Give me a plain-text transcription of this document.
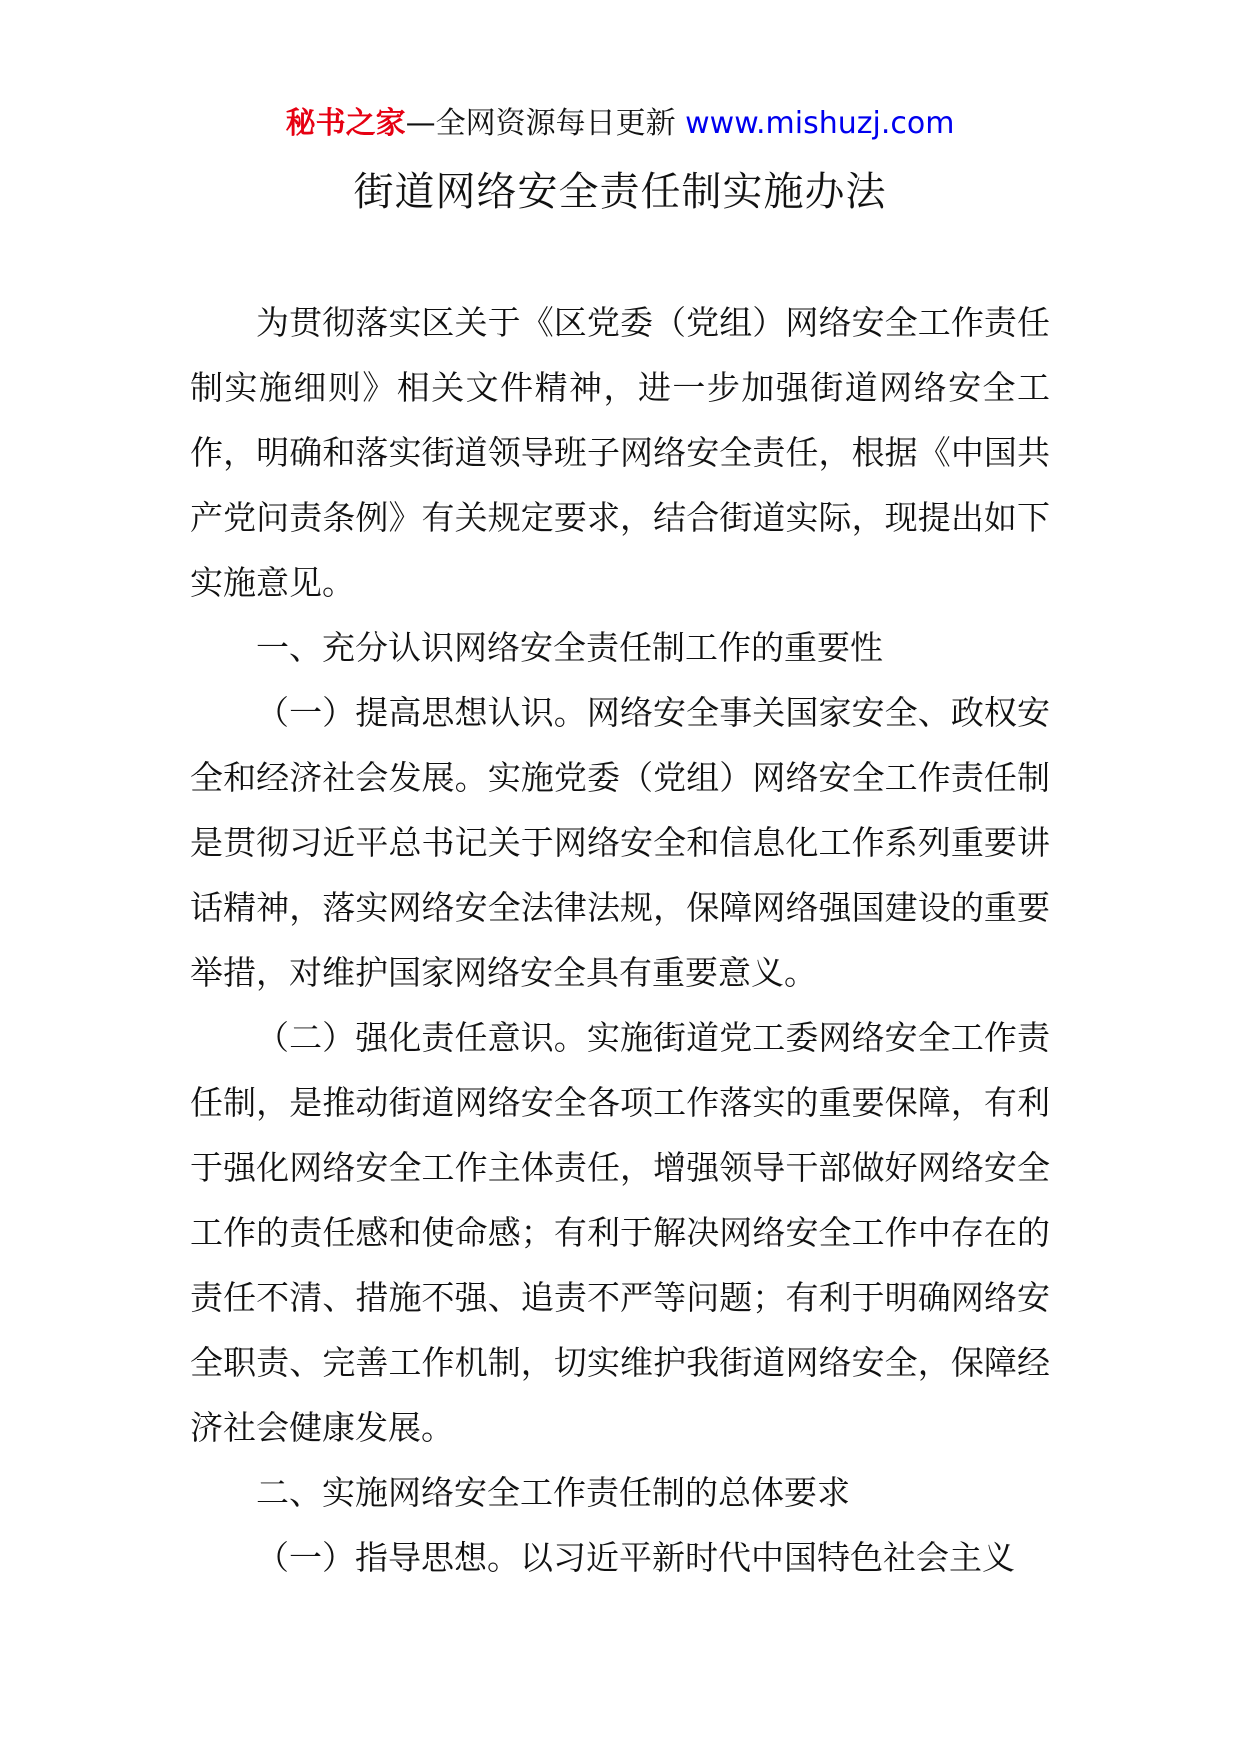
秘书之家—全网资源每日更新 www.mishuzj.com
街道网络安全责任制实施办法

为贯彻落实区关于《区党委（党组）网络安全工作责任制实施细则》相关文件精神，进一步加强街道网络安全工作，明确和落实街道领导班子网络安全责任，根据《中国共产党问责条例》有关规定要求，结合街道实际，现提出如下实施意见。

一、充分认识网络安全责任制工作的重要性

（一）提高思想认识。网络安全事关国家安全、政权安全和经济社会发展。实施党委（党组）网络安全工作责任制是贯彻习近平总书记关于网络安全和信息化工作系列重要讲话精神，落实网络安全法律法规，保障网络强国建设的重要举措，对维护国家网络安全具有重要意义。

（二）强化责任意识。实施街道党工委网络安全工作责任制，是推动街道网络安全各项工作落实的重要保障，有利于强化网络安全工作主体责任，增强领导干部做好网络安全工作的责任感和使命感；有利于解决网络安全工作中存在的责任不清、措施不强、追责不严等问题；有利于明确网络安全职责、完善工作机制，切实维护我街道网络安全，保障经济社会健康发展。

二、实施网络安全工作责任制的总体要求

（一）指导思想。以习近平新时代中国特色社会主义
